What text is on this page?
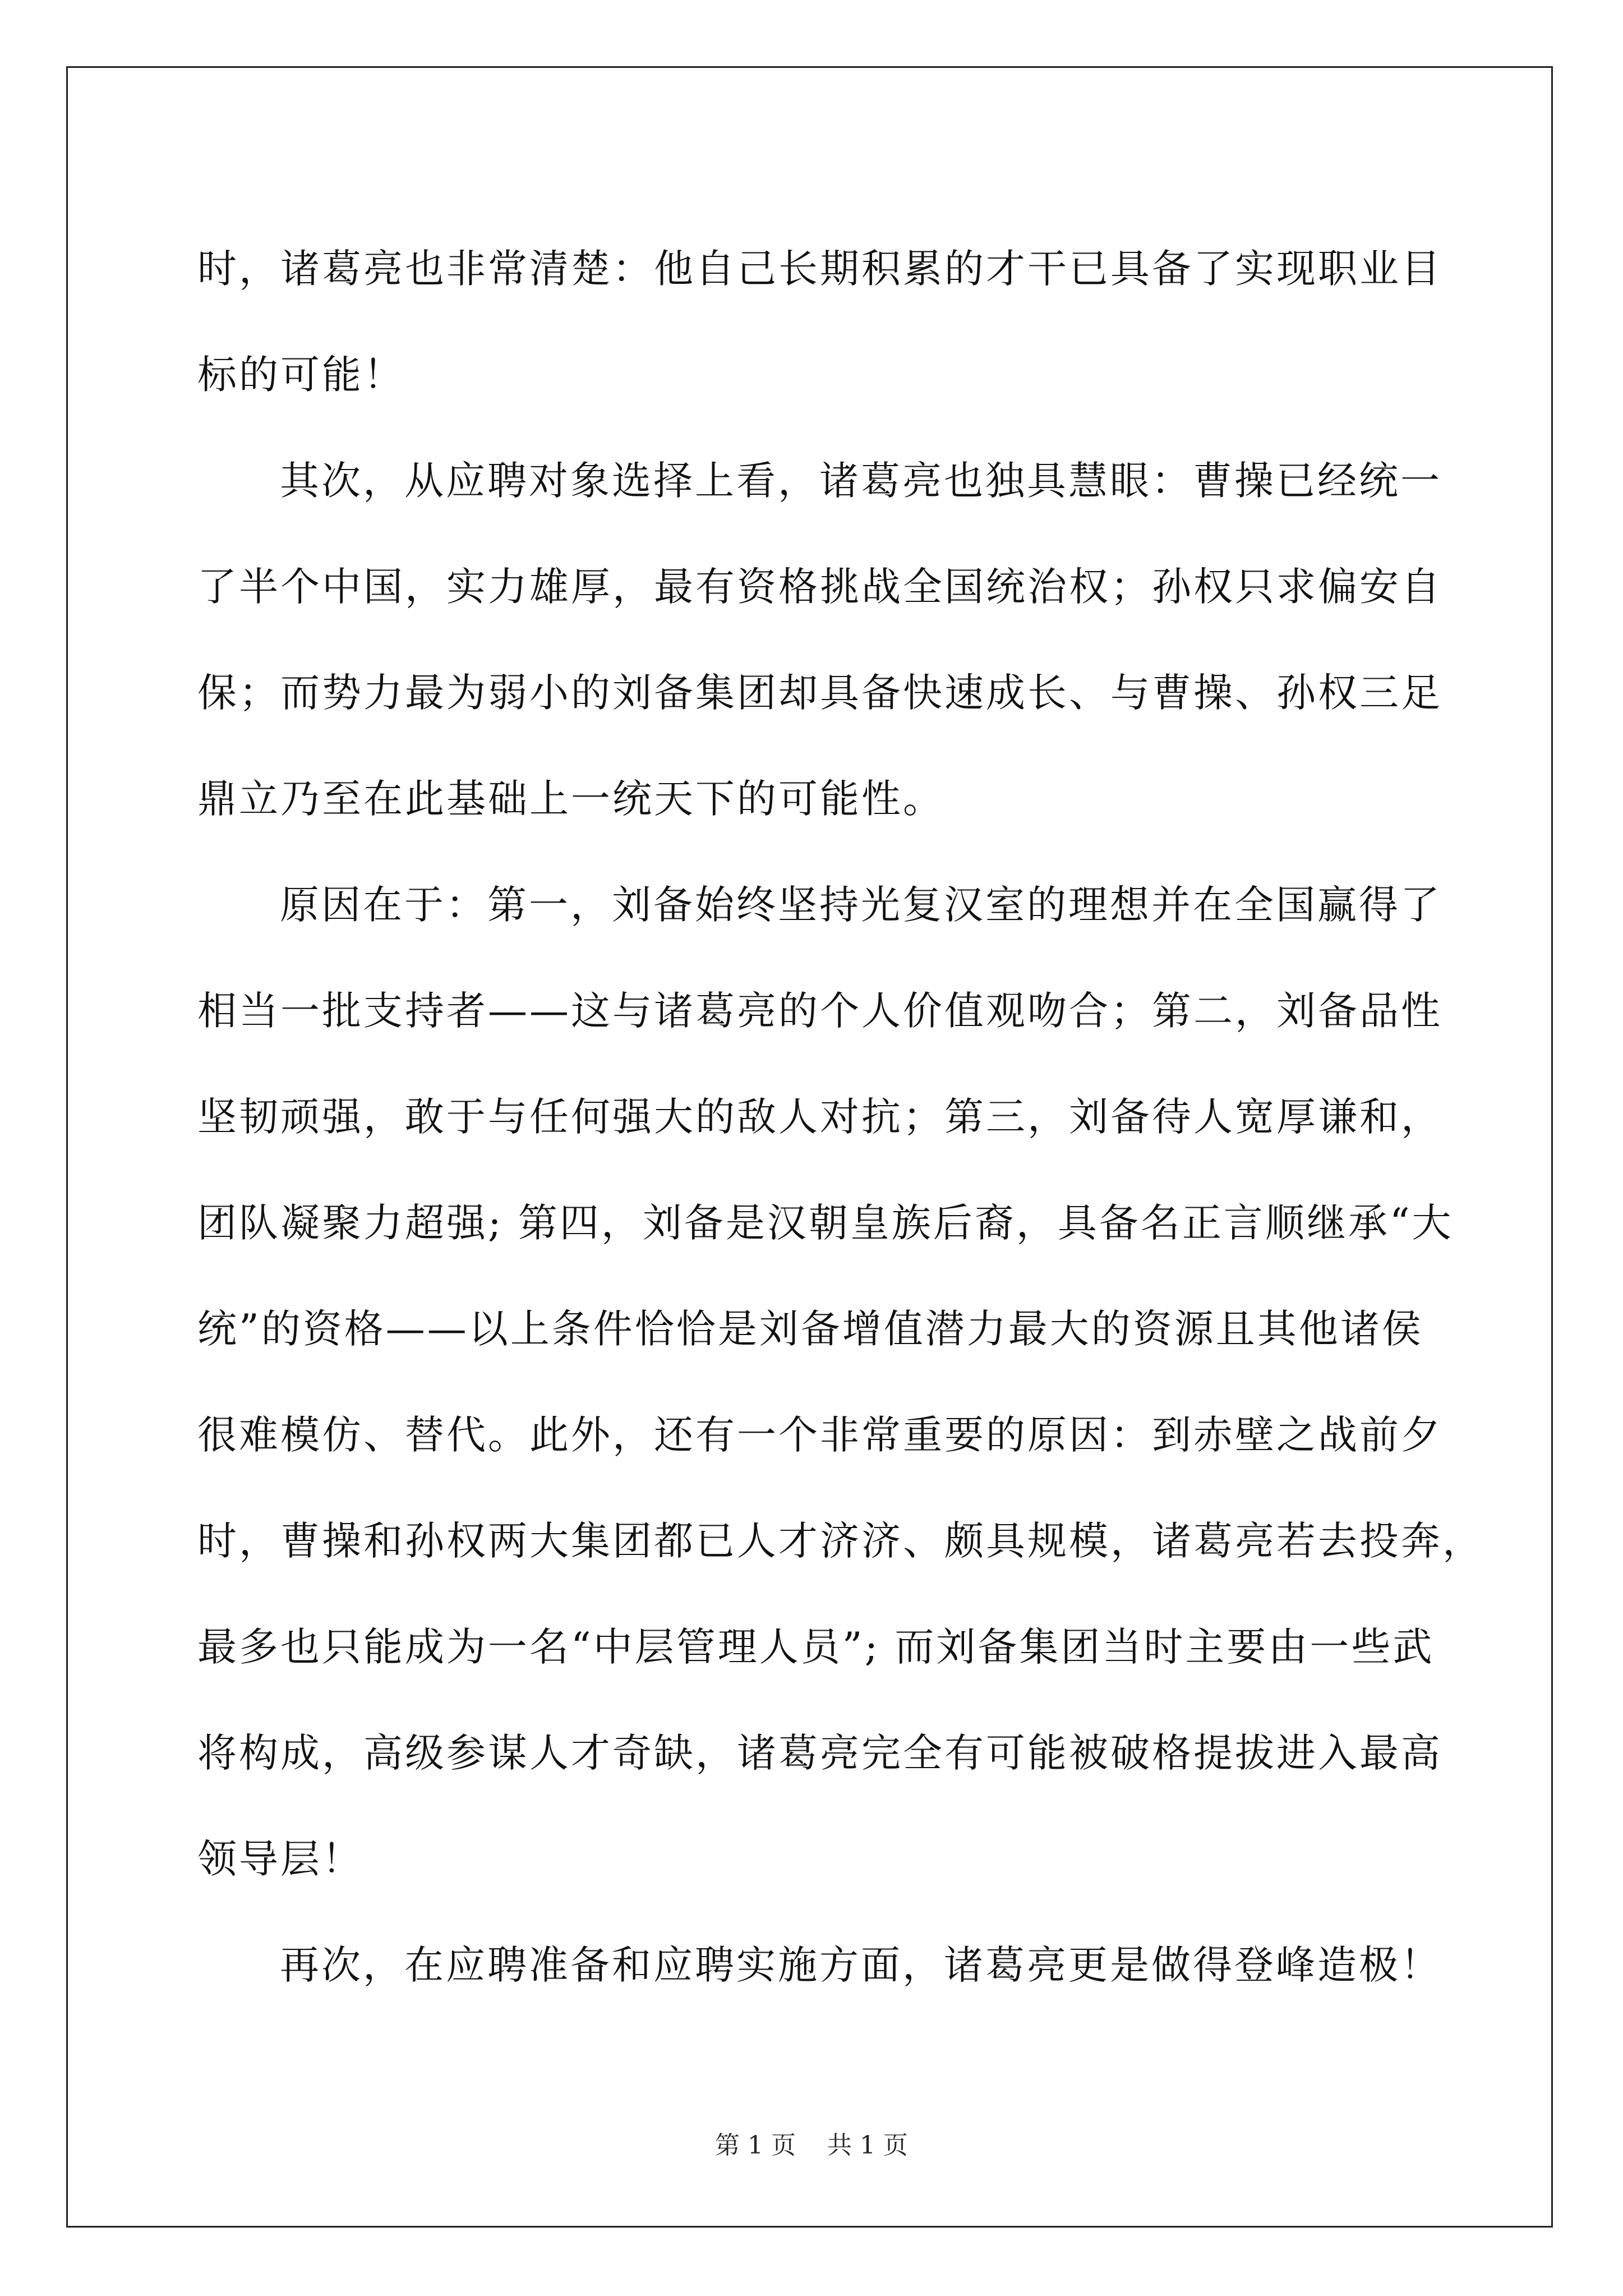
时，诸葛亮也非常清楚：他自己长期积累的才干已具备了实现职业目

标的可能！

其次，从应聘对象选择上看，诸葛亮也独具慧眼：曹操已经统一

了半个中国，实力雄厚，最有资格挑战全国统治权；孙权只求偏安自

保；而势力最为弱小的刘备集团却具备快速成长、与曹操、孙权三足

鼎立乃至在此基础上一统天下的可能性。

原因在于：第一，刘备始终坚持光复汉室的理想并在全国赢得了

相当一批支持者——这与诸葛亮的个人价值观吻合；第二，刘备品性

坚韧顽强，敢于与任何强大的敌人对抗；第三，刘备待人宽厚谦和，

团队凝聚力超强; 第四，刘备是汉朝皇族后裔，具备名正言顺继承“大

统”的资格——以上条件恰恰是刘备增值潜力最大的资源且其他诸侯

很难模仿、替代。此外，还有一个非常重要的原因：到赤壁之战前夕

时，曹操和孙权两大集团都已人才济济、颇具规模，诸葛亮若去投奔，

最多也只能成为一名“中层管理人员”; 而刘备集团当时主要由一些武

将构成，高级参谋人才奇缺，诸葛亮完全有可能被破格提拔进入最高

领导层！

再次，在应聘准备和应聘实施方面，诸葛亮更是做得登峰造极！

第 1 页    共 1 页
